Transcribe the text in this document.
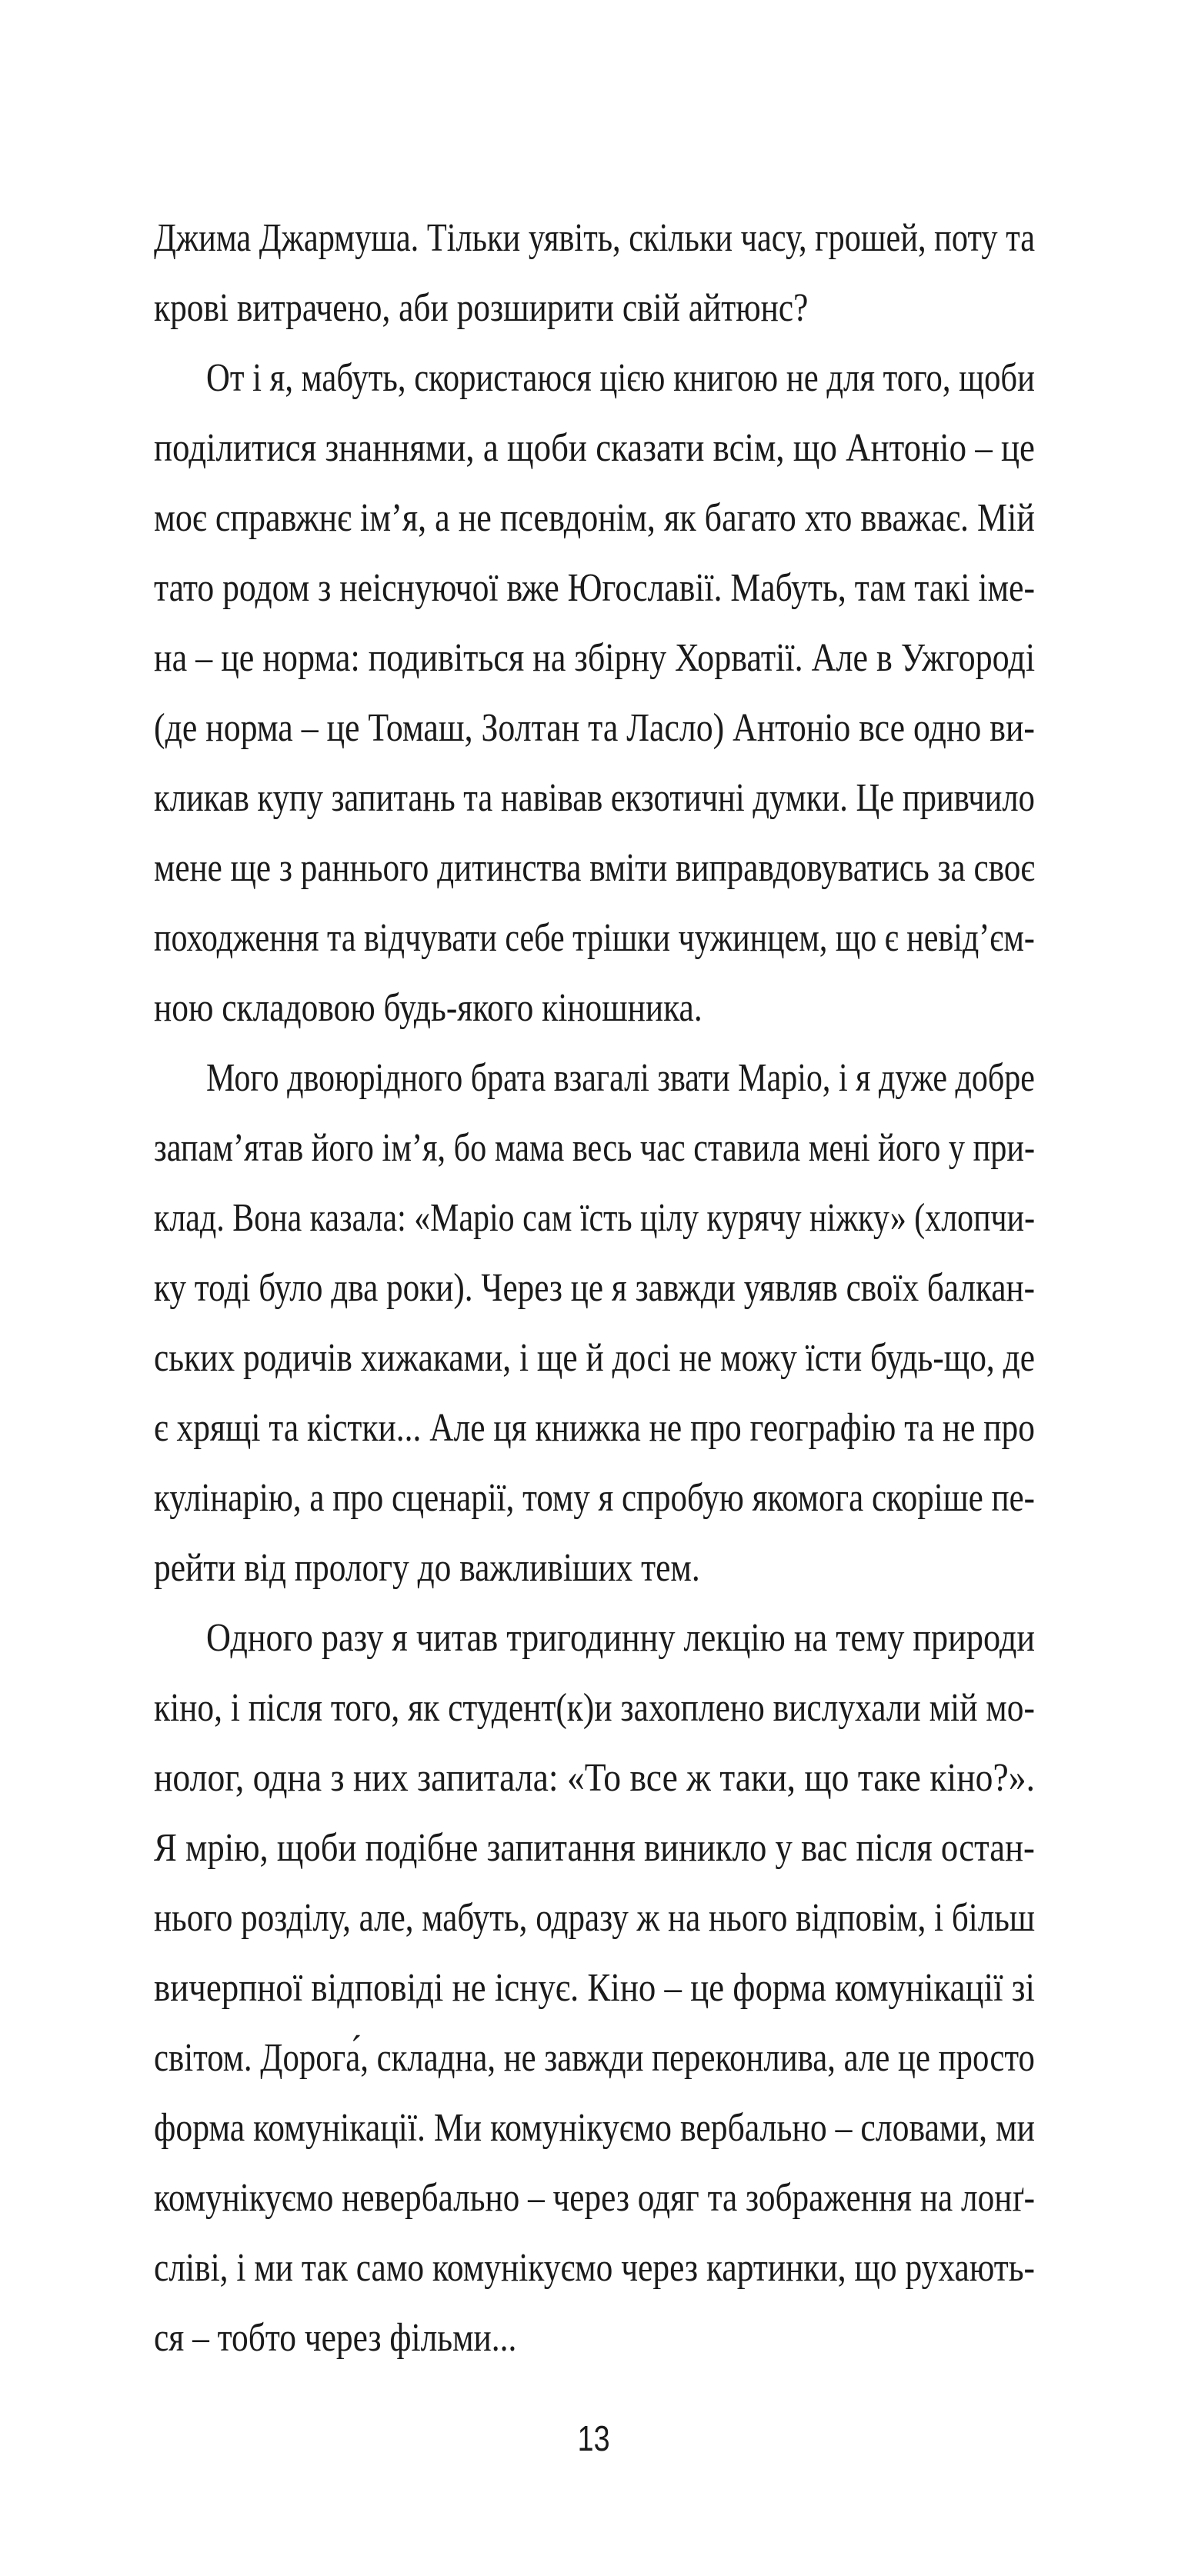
Джима Джармуша. Тільки уявіть, скільки часу, грошей, поту та
крові витрачено, аби розширити свій айтюнс?
От і я, мабуть, скористаюся цією книгою не для того, щоби
поділитися знаннями, а щоби сказати всім, що Антоніо – це
моє справжнє ім’я, а не псевдонім, як багато хто вважає. Мій
тато родом з неіснуючої вже Югославії. Мабуть, там такі іме-
на – це норма: подивіться на збірну Хорватії. Але в Ужгороді
(де норма – це Томаш, Золтан та Ласло) Антоніо все одно ви-
кликав купу запитань та навівав екзотичні думки. Це привчило
мене ще з раннього дитинства вміти виправдовуватись за своє
походження та відчувати себе трішки чужинцем, що є невід’єм-
ною складовою будь-якого кіношника.
Мого двоюрідного брата взагалі звати Маріо, і я дуже добре
запам’ятав його ім’я, бо мама весь час ставила мені його у при-
клад. Вона казала: «Маріо сам їсть цілу курячу ніжку» (хлопчи-
ку тоді було два роки). Через це я завжди уявляв своїх балкан-
ських родичів хижаками, і ще й досі не можу їсти будь-що, де
є хрящі та кістки... Але ця книжка не про географію та не про
кулінарію, а про сценарії, тому я спробую якомога скоріше пе-
рейти від прологу до важливіших тем.
Одного разу я читав тригодинну лекцію на тему природи
кіно, і після того, як студент(к)и захоплено вислухали мій мо-
нолог, одна з них запитала: «То все ж таки, що таке кіно?».
Я мрію, щоби подібне запитання виникло у вас після остан-
нього розділу, але, мабуть, одразу ж на нього відповім, і більш
вичерпної відповіді не існує. Кіно – це форма комунікації зі
світом. Дорога́, складна, не завжди переконлива, але це просто
форма комунікації. Ми комунікуємо вербально – словами, ми
комунікуємо невербально – через одяг та зображення на лонґ-
сліві, і ми так само комунікуємо через картинки, що рухають-
ся – тобто через фільми...
13
